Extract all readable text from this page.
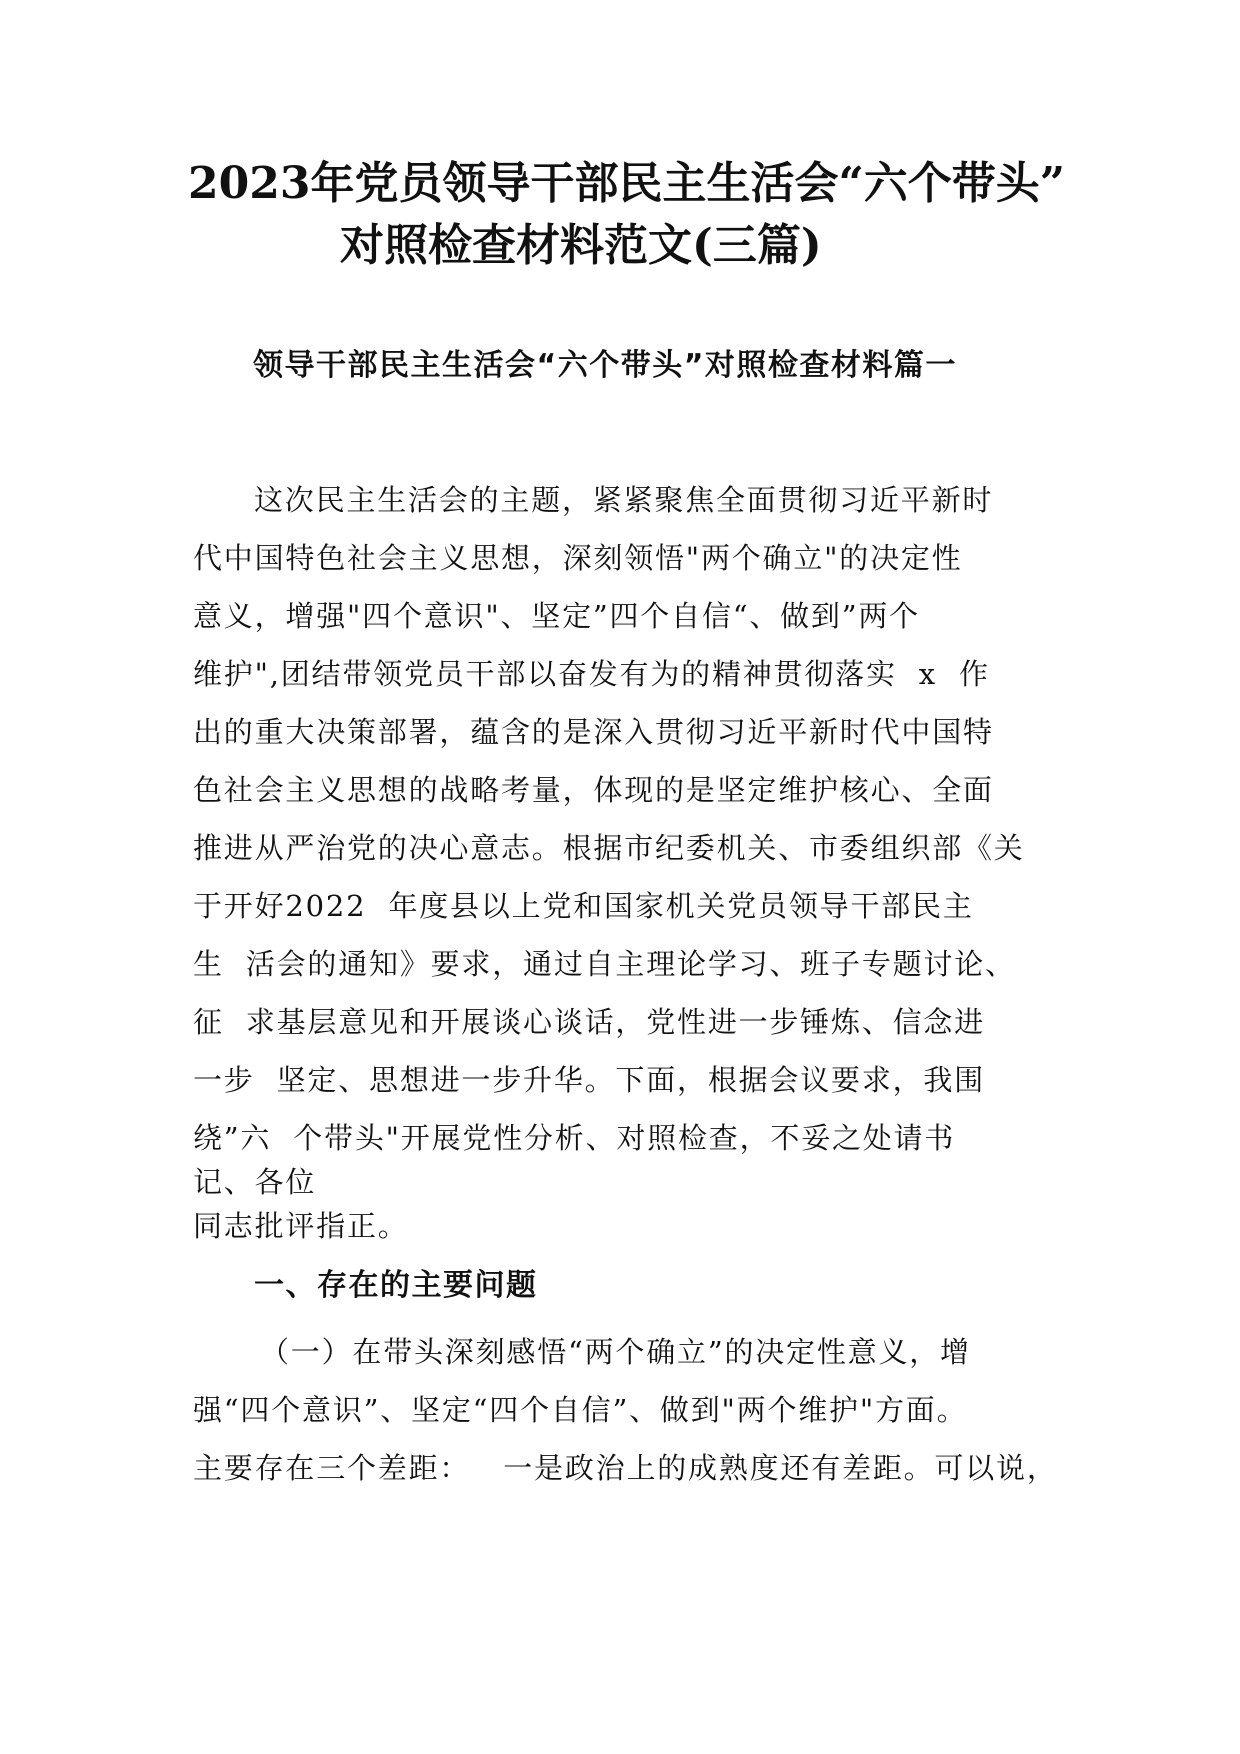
2023年党员领导干部民主生活会“六个带头”
对照检查材料范文(三篇)
领导干部民主生活会“六个带头”对照检查材料篇一
这次民主生活会的主题，紧紧聚焦全面贯彻习近平新时
代中国特色社会主义思想，深刻领悟"两个确立"的决定性
意义，增强"四个意识"、坚定”四个自信“、做到”两个
维护",团结带领党员干部以奋发有为的精神贯彻落实  x  作
出的重大决策部署，蕴含的是深入贯彻习近平新时代中国特
色社会主义思想的战略考量，体现的是坚定维护核心、全面
推进从严治党的决心意志。根据市纪委机关、市委组织部《关
于开好2022  年度县以上党和国家机关党员领导干部民主
生  活会的通知》要求，通过自主理论学习、班子专题讨论、
征  求基层意见和开展谈心谈话，党性进一步锤炼、信念进
一步  坚定、思想进一步升华。下面，根据会议要求，我围
绕”六  个带头"开展党性分析、对照检查，不妥之处请书
记、各位
同志批评指正。
一、存在的主要问题
（一）在带头深刻感悟“两个确立”的决定性意义，增
强“四个意识”、坚定“四个自信”、做到"两个维护"方面。
主要存在三个差距：   一是政治上的成熟度还有差距。可以说，
